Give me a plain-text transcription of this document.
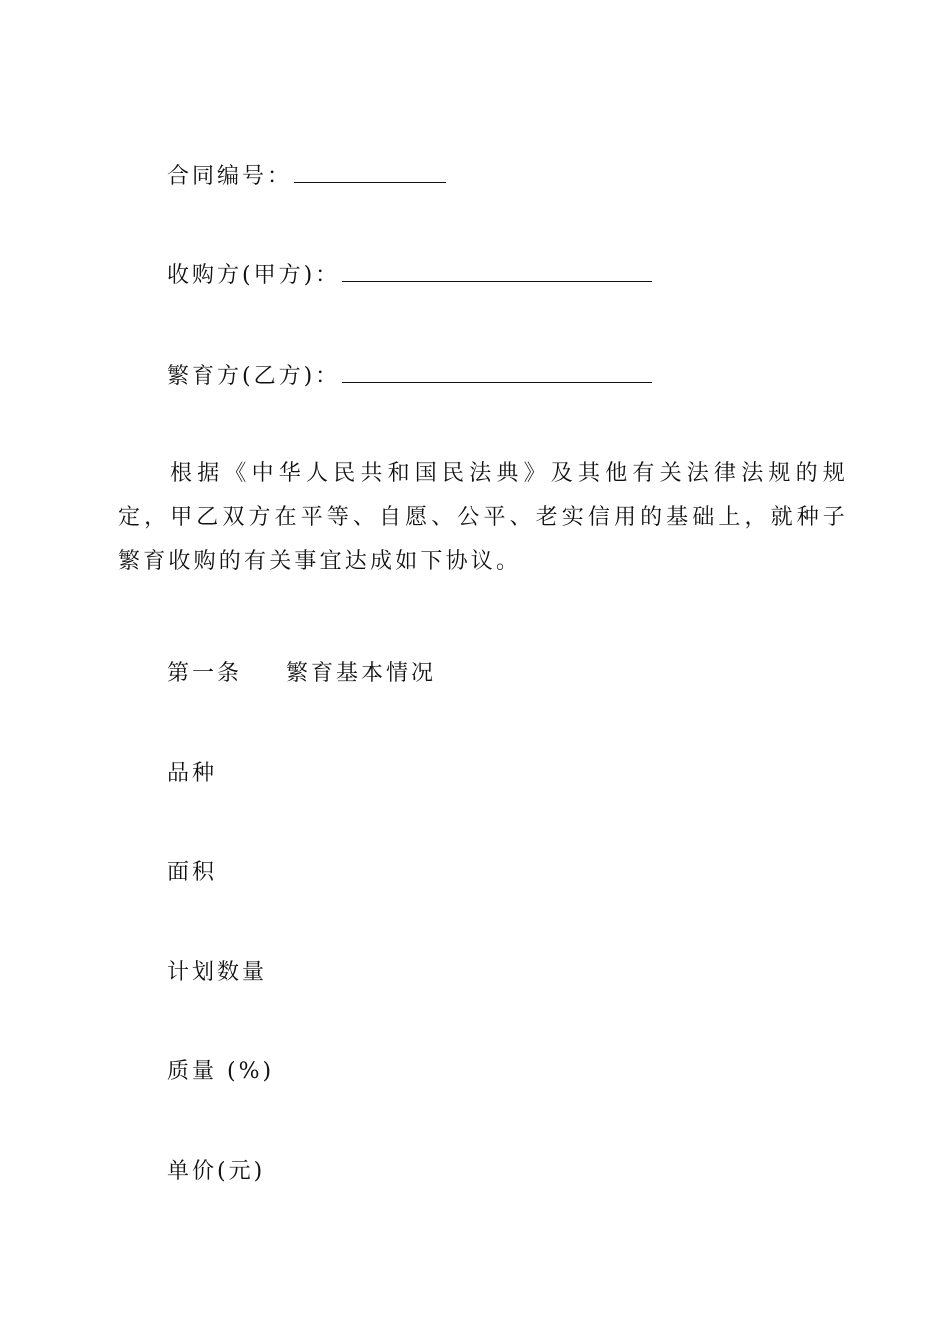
合同编号：
收购方(甲方)：
繁育方(乙方)：
根据《中华人民共和国民法典》及其他有关法律法规的规定，甲乙双方在平等、自愿、公平、老实信用的基础上，就种子繁育收购的有关事宜达成如下协议。
第一条 繁育基本情况
品种
面积
计划数量
质量 (%)
单价(元)
